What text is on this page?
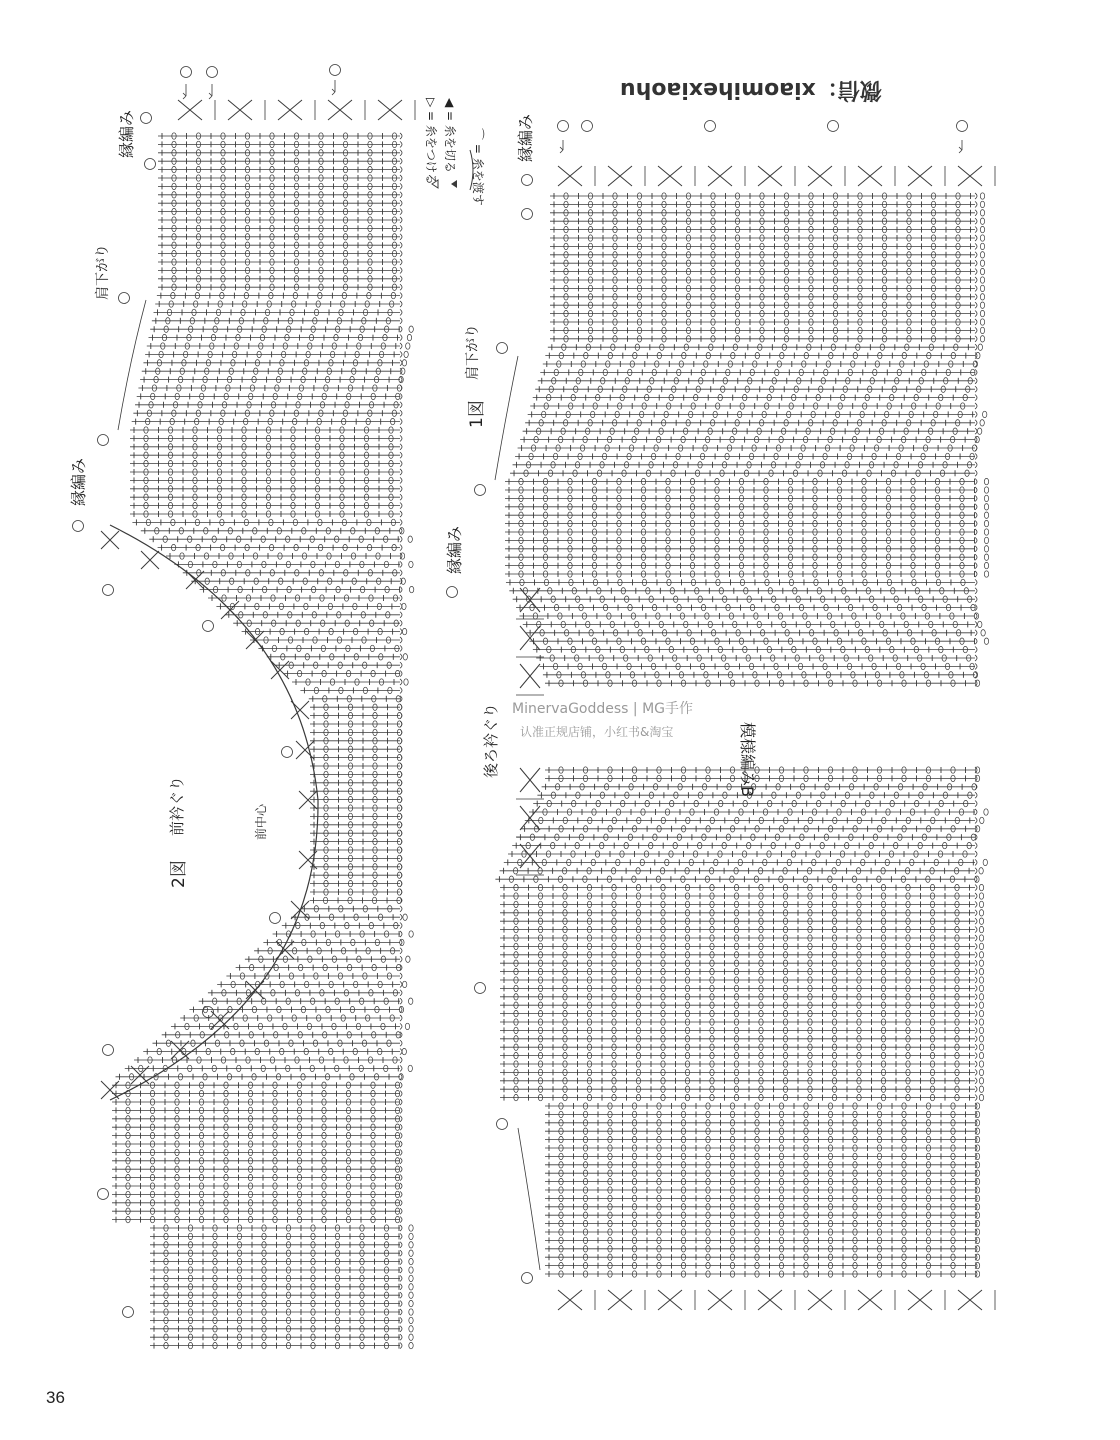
微信：xiaomihexiaohu
▷ = 糸をつける
◀ = 糸を切る ⌒ = 糸を渡す
縁編み
肩下がり
縁編み
前衿ぐり
2図
前中心
縁編み
肩下がり
1図
縁編み
後ろ衿ぐり	模様編みB
MinervaGoddess | MG手作
认准正规店铺，小红书&淘宝
36
